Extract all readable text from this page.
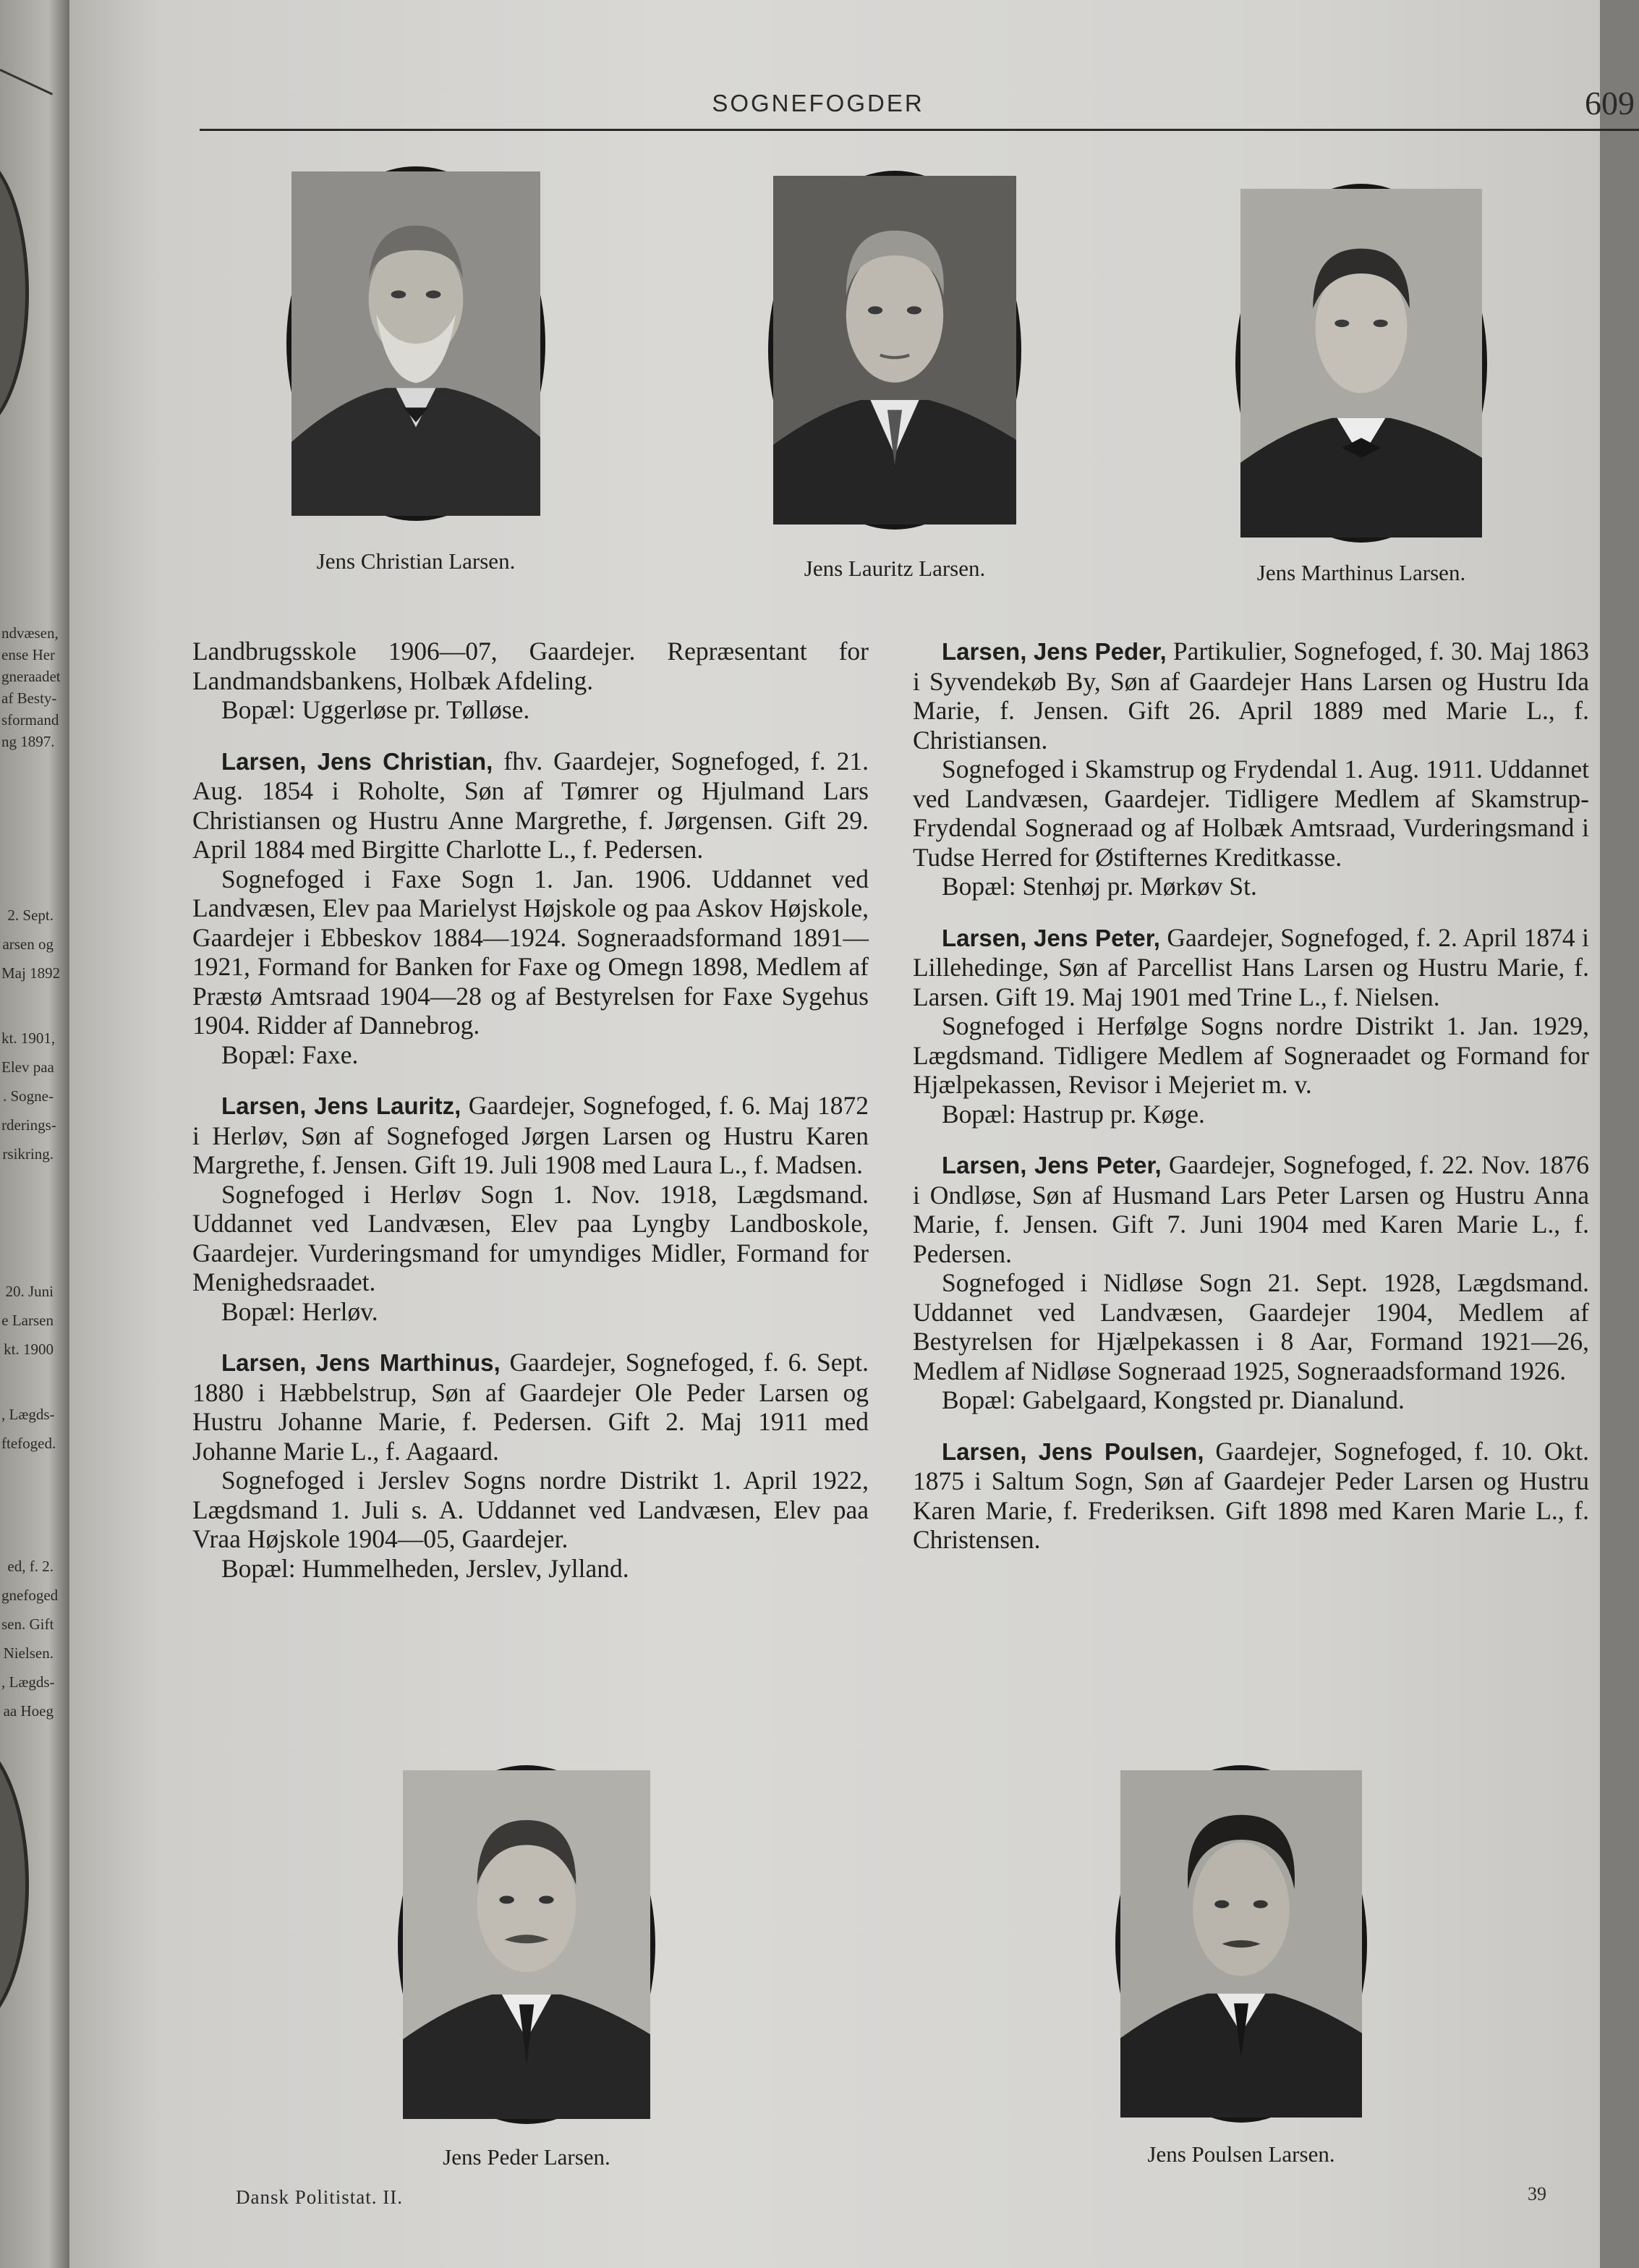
ndvæsen,
ense Her
gneraadet
af Besty-
sformand
ng 1897.
2. Sept.
arsen og
Maj 1892
kt. 1901,
Elev paa
. Sogne-
rderings-
rsikring.
20. Juni
e Larsen
kt. 1900
, Lægds-
ftefoged.
ed, f. 2.
gnefoged
sen. Gift
Nielsen.
, Lægds-
aa Hoeg
SOGNEFOGDER	609
Jens Christian Larsen.	Jens Lauritz Larsen.	Jens Marthinus Larsen.

Landbrugsskole 1906—07, Gaardejer. Repræsentant for Landmandsbankens, Holbæk Afdeling.

Bopæl: Uggerløse pr. Tølløse.

Larsen, Jens Christian, fhv. Gaardejer, Sognefoged, f. 21. Aug. 1854 i Roholte, Søn af Tømrer og Hjulmand Lars Christiansen og Hustru Anne Margrethe, f. Jørgensen. Gift 29. April 1884 med Birgitte Charlotte L., f. Pedersen.

Sognefoged i Faxe Sogn 1. Jan. 1906. Uddannet ved Landvæsen, Elev paa Marielyst Højskole og paa Askov Højskole, Gaardejer i Ebbeskov 1884—1924. Sogneraadsformand 1891—1921, Formand for Banken for Faxe og Omegn 1898, Medlem af Præstø Amtsraad 1904—28 og af Bestyrelsen for Faxe Sygehus 1904. Ridder af Dannebrog.

Bopæl: Faxe.

Larsen, Jens Lauritz, Gaardejer, Sognefoged, f. 6. Maj 1872 i Herløv, Søn af Sognefoged Jørgen Larsen og Hustru Karen Margrethe, f. Jensen. Gift 19. Juli 1908 med Laura L., f. Madsen.

Sognefoged i Herløv Sogn 1. Nov. 1918, Lægdsmand. Uddannet ved Landvæsen, Elev paa Lyngby Landboskole, Gaardejer. Vurderingsmand for umyndiges Midler, Formand for Menighedsraadet.

Bopæl: Herløv.

Larsen, Jens Marthinus, Gaardejer, Sognefoged, f. 6. Sept. 1880 i Hæbbelstrup, Søn af Gaardejer Ole Peder Larsen og Hustru Johanne Marie, f. Pedersen. Gift 2. Maj 1911 med Johanne Marie L., f. Aagaard.

Sognefoged i Jerslev Sogns nordre Distrikt 1. April 1922, Lægdsmand 1. Juli s. A. Uddannet ved Landvæsen, Elev paa Vraa Højskole 1904—05, Gaardejer.

Bopæl: Hummelheden, Jerslev, Jylland.

Larsen, Jens Peder, Partikulier, Sognefoged, f. 30. Maj 1863 i Syvendekøb By, Søn af Gaardejer Hans Larsen og Hustru Ida Marie, f. Jensen. Gift 26. April 1889 med Marie L., f. Christiansen.

Sognefoged i Skamstrup og Frydendal 1. Aug. 1911. Uddannet ved Landvæsen, Gaardejer. Tidligere Medlem af Skamstrup-Frydendal Sogneraad og af Holbæk Amtsraad, Vurderingsmand i Tudse Herred for Østifternes Kreditkasse.

Bopæl: Stenhøj pr. Mørkøv St.

Larsen, Jens Peter, Gaardejer, Sognefoged, f. 2. April 1874 i Lillehedinge, Søn af Parcellist Hans Larsen og Hustru Marie, f. Larsen. Gift 19. Maj 1901 med Trine L., f. Nielsen.

Sognefoged i Herfølge Sogns nordre Distrikt 1. Jan. 1929, Lægdsmand. Tidligere Medlem af Sogneraadet og Formand for Hjælpekassen, Revisor i Mejeriet m. v.

Bopæl: Hastrup pr. Køge.

Larsen, Jens Peter, Gaardejer, Sognefoged, f. 22. Nov. 1876 i Ondløse, Søn af Husmand Lars Peter Larsen og Hustru Anna Marie, f. Jensen. Gift 7. Juni 1904 med Karen Marie L., f. Pedersen.

Sognefoged i Nidløse Sogn 21. Sept. 1928, Lægdsmand. Uddannet ved Landvæsen, Gaardejer 1904, Medlem af Bestyrelsen for Hjælpekassen i 8 Aar, Formand 1921—26, Medlem af Nidløse Sogneraad 1925, Sogneraadsformand 1926.

Bopæl: Gabelgaard, Kongsted pr. Dianalund.

Larsen, Jens Poulsen, Gaardejer, Sognefoged, f. 10. Okt. 1875 i Saltum Sogn, Søn af Gaardejer Peder Larsen og Hustru Karen Marie, f. Frederiksen. Gift 1898 med Karen Marie L., f. Christensen.

Jens Peder Larsen.	Jens Poulsen Larsen.
Dansk Politistat. II.	39
